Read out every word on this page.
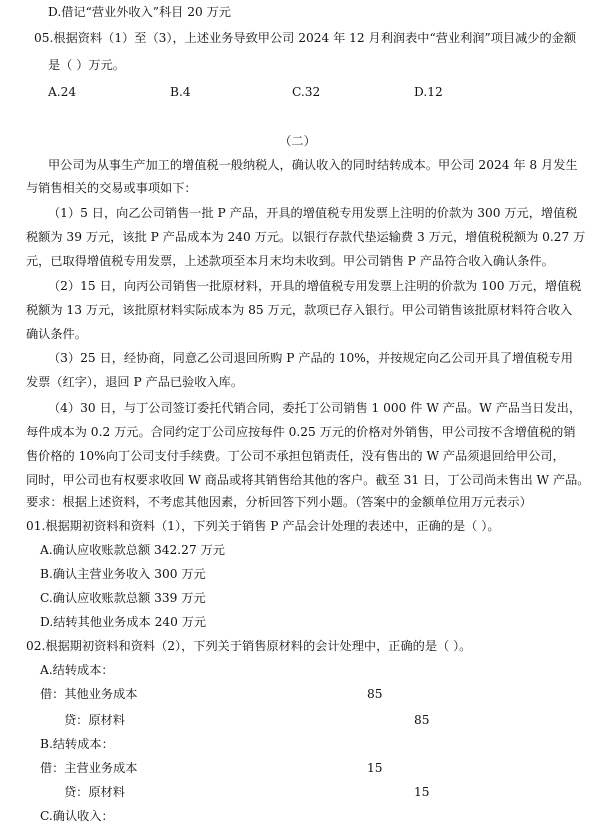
D.借记“营业外收入”科目 20 万元
05.根据资料（1）至（3），上述业务导致甲公司 2024 年 12 月利润表中“营业利润”项目减少的金额
是（ ）万元。
A.24	B.4	C.32	D.12
（二）
甲公司为从事生产加工的增值税一般纳税人，确认收入的同时结转成本。甲公司 2024 年 8 月发生
与销售相关的交易或事项如下：
（1）5 日，向乙公司销售一批 P 产品，开具的增值税专用发票上注明的价款为 300 万元，增值税
税额为 39 万元，该批 P 产品成本为 240 万元。以银行存款代垫运输费 3 万元，增值税税额为 0.27 万
元，已取得增值税专用发票，上述款项至本月末均未收到。甲公司销售 P 产品符合收入确认条件。
（2）15 日，向丙公司销售一批原材料，开具的增值税专用发票上注明的价款为 100 万元，增值税
税额为 13 万元，该批原材料实际成本为 85 万元，款项已存入银行。甲公司销售该批原材料符合收入
确认条件。
（3）25 日，经协商，同意乙公司退回所购 P 产品的 10%，并按规定向乙公司开具了增值税专用
发票（红字），退回 P 产品已验收入库。
（4）30 日，与丁公司签订委托代销合同，委托丁公司销售 1 000 件 W 产品。W 产品当日发出，
每件成本为 0.2 万元。合同约定丁公司应按每件 0.25 万元的价格对外销售，甲公司按不含增值税的销
售价格的 10%向丁公司支付手续费。丁公司不承担包销责任，没有售出的 W 产品须退回给甲公司，
同时，甲公司也有权要求收回 W 商品或将其销售给其他的客户。截至 31 日，丁公司尚未售出 W 产品。
要求：根据上述资料，不考虑其他因素，分析回答下列小题。（答案中的金额单位用万元表示）
01.根据期初资料和资料（1），下列关于销售 P 产品会计处理的表述中，正确的是（ ）。
A.确认应收账款总额 342.27 万元
B.确认主营业务收入 300 万元
C.确认应收账款总额 339 万元
D.结转其他业务成本 240 万元
02.根据期初资料和资料（2），下列关于销售原材料的会计处理中，正确的是（ ）。
A.结转成本：
借：其他业务成本	85
贷：原材料	85
B.结转成本：
借：主营业务成本	15
贷：原材料	15
C.确认收入：
